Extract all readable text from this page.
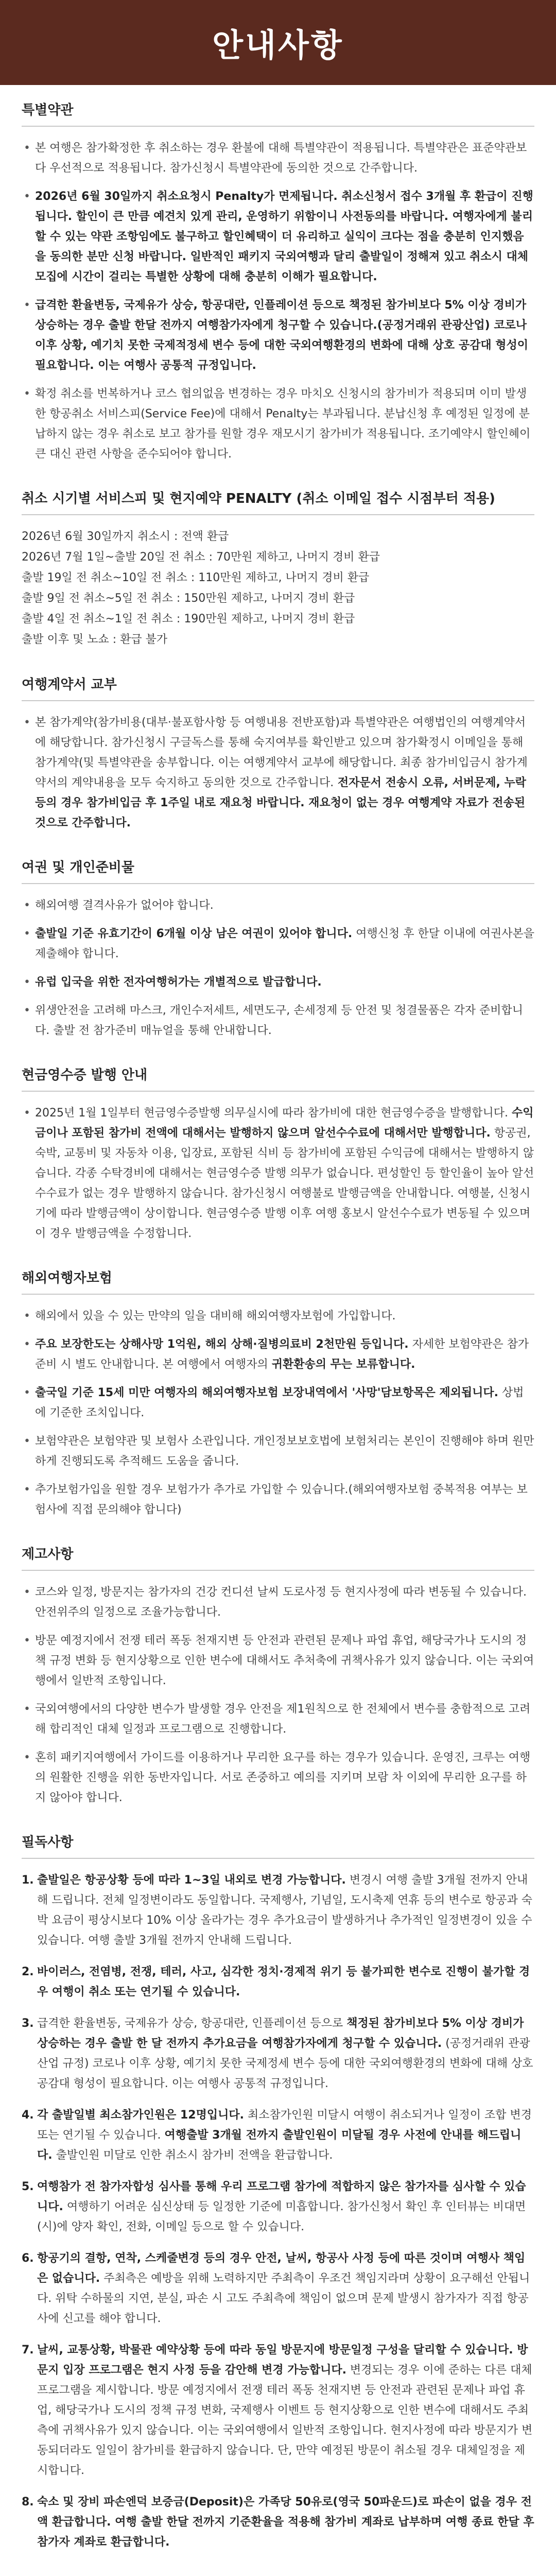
안내사항
특별약관
• 본 여행은 참가확정한 후 취소하는 경우 환불에 대해 특별약관이 적용됩니다. 특별약관은 표준약관보다 우선적으로 적용됩니다. 참가신청시 특별약관에 동의한 것으로 간주합니다.
• 2026년 6월 30일까지 취소요청시 Penalty가 면제됩니다. 취소신청서 접수 3개월 후 환급이 진행됩니다. 할인이 큰 만큼 예견치 있게 관리, 운영하기 위함이니 사전동의를 바랍니다. 여행자에게 불리할 수 있는 약관 조항임에도 불구하고 할인혜택이 더 유리하고 실익이 크다는 점을 충분히 인지했음을 동의한 분만 신청 바랍니다. 일반적인 패키지 국외여행과 달리 출발일이 정해져 있고 취소시 대체모집에 시간이 걸리는 특별한 상황에 대해 충분히 이해가 필요합니다.
• 급격한 환율변동, 국제유가 상승, 항공대란, 인플레이션 등으로 책정된 참가비보다 5% 이상 경비가 상승하는 경우 출발 한달 전까지 여행참가자에게 청구할 수 있습니다.(공정거래위 관광산업) 코로나 이후 상황, 예기치 못한 국제적정세 변수 등에 대한 국외여행환경의 변화에 대해 상호 공감대 형성이 필요합니다. 이는 여행사 공통적 규정입니다.
• 확정 취소를 번복하거나 코스 협의없음 변경하는 경우 마치오 신청시의 참가비가 적용되며 이미 발생한 항공취소 서비스피(Service Fee)에 대해서 Penalty는 부과됩니다. 분납신청 후 예정된 일정에 분납하지 않는 경우 취소로 보고 참가를 원할 경우 재모시기 참가비가 적용됩니다. 조기예약시 할인혜이 큰 대신 관련 사항을 준수되어야 합니다.
취소 시기별 서비스피 및 현지예약 PENALTY (취소 이메일 접수 시점부터 적용)

2026년 6월 30일까지 취소시 : 전액 환급

2026년 7월 1일~출발 20일 전 취소 : 70만원 제하고, 나머지 경비 환급

출발 19일 전 취소~10일 전 취소 : 110만원 제하고, 나머지 경비 환급

출발 9일 전 취소~5일 전 취소 : 150만원 제하고, 나머지 경비 환급

출발 4일 전 취소~1일 전 취소 : 190만원 제하고, 나머지 경비 환급

출발 이후 및 노쇼 : 환급 불가

여행계약서 교부
• 본 참가계약(참가비용(대부·불포함사항 등 여행내용 전반포함)과 특별약관은 여행법인의 여행계약서에 해당합니다. 참가신청시 구글독스를 통해 숙지여부를 확인받고 있으며 참가확정시 이메일을 통해 참가계약(및 특별약관을 송부합니다. 이는 여행계약서 교부에 해당합니다. 최종 참가비입금시 참가계약서의 계약내용을 모두 숙지하고 동의한 것으로 간주합니다. 전자문서 전송시 오류, 서버문제, 누락 등의 경우 참가비입금 후 1주일 내로 재요청 바랍니다. 재요청이 없는 경우 여행계약 자료가 전송된 것으로 간주합니다.
여권 및 개인준비물
• 해외여행 결격사유가 없어야 합니다.
• 출발일 기준 유효기간이 6개월 이상 남은 여권이 있어야 합니다. 여행신청 후 한달 이내에 여권사본을 제출해야 합니다.
• 유럽 입국을 위한 전자여행허가는 개별적으로 발급합니다.
• 위생안전을 고려해 마스크, 개인수저세트, 세면도구, 손세정제 등 안전 및 청결물품은 각자 준비합니다. 출발 전 참가준비 매뉴얼을 통해 안내합니다.
현금영수증 발행 안내
• 2025년 1월 1일부터 현금영수증발행 의무실시에 따라 참가비에 대한 현금영수증을 발행합니다. 수익금이나 포함된 참가비 전액에 대해서는 발행하지 않으며 알선수수료에 대해서만 발행합니다. 항공권, 숙박, 교통비 및 자동차 이용, 입장료, 포함된 식비 등 참가비에 포함된 수익금에 대해서는 발행하지 않습니다. 각종 수탁경비에 대해서는 현금영수증 발행 의무가 없습니다. 편성할인 등 할인율이 높아 알선수수료가 없는 경우 발행하지 않습니다. 참가신청시 여행불로 발행금액을 안내합니다. 여행불, 신청시기에 따라 발행금액이 상이합니다. 현금영수증 발행 이후 여행 홍보시 알선수수료가 변동될 수 있으며 이 경우 발행금액을 수정합니다.
해외여행자보험
• 해외에서 있을 수 있는 만약의 일을 대비해 해외여행자보험에 가입합니다.
• 주요 보장한도는 상해사망 1억원, 해외 상해·질병의료비 2천만원 등입니다. 자세한 보험약관은 참가준비 시 별도 안내합니다. 본 여행에서 여행자의 귀환환송의 무는 보류합니다.
• 출국일 기준 15세 미만 여행자의 해외여행자보험 보장내역에서 '사망'담보항목은 제외됩니다. 상법에 기준한 조치입니다.
• 보험약관은 보험약관 및 보험사 소관입니다. 개인정보보호법에 보험처리는 본인이 진행해야 하며 원만하게 진행되도록 추적해드 도움을 줍니다.
• 추가보험가입을 원할 경우 보험가가 추가로 가입할 수 있습니다.(해외여행자보험 중복적용 여부는 보험사에 직접 문의해야 합니다)
제고사항
• 코스와 일정, 방문지는 참가자의 건강 컨디션 날씨 도로사정 등 현지사정에 따라 변동될 수 있습니다. 안전위주의 일정으로 조율가능합니다.
• 방문 예정지에서 전쟁 테러 폭동 천재지변 등 안전과 관련된 문제나 파업 휴업, 해당국가나 도시의 정책 규정 변화 등 현지상황으로 인한 변수에 대해서도 추처축에 귀책사유가 있지 않습니다. 이는 국외여행에서 일반적 조항입니다.
• 국외여행에서의 다양한 변수가 발생할 경우 안전을 제1원칙으로 한 전체에서 변수를 충함적으로 고려해 합리적인 대체 일정과 프로그램으로 진행합니다.
• 혼히 패키지여행에서 가이드를 이용하거나 무리한 요구를 하는 경우가 있습니다. 운영진, 크루는 여행의 원활한 진행을 위한 동반자입니다. 서로 존중하고 예의를 지키며 보람 차 이외에 무리한 요구를 하지 않아야 합니다.
필독사항
1. 출발일은 항공상황 등에 따라 1~3일 내외로 변경 가능합니다. 변경시 여행 출발 3개월 전까지 안내해 드립니다. 전체 일정변이라도 동일합니다. 국제행사, 기념일, 도시축제 연휴 등의 변수로 항공과 숙박 요금이 평상시보다 10% 이상 올라가는 경우 추가요금이 발생하거나 추가적인 일정변경이 있을 수 있습니다. 여행 출발 3개월 전까지 안내해 드립니다.
2. 바이러스, 전염병, 전쟁, 테러, 사고, 심각한 정치·경제적 위기 등 불가피한 변수로 진행이 불가할 경우 여행이 취소 또는 연기될 수 있습니다.
3. 급격한 환율변동, 국제유가 상승, 항공대란, 인플레이션 등으로 책정된 참가비보다 5% 이상 경비가 상승하는 경우 출발 한 달 전까지 추가요금을 여행참가자에게 청구할 수 있습니다. (공정거래위 관광산업 규정) 코로나 이후 상황, 예기치 못한 국제정세 변수 등에 대한 국외여행환경의 변화에 대해 상호 공감대 형성이 필요합니다. 이는 여행사 공통적 규정입니다.
4. 각 출발일별 최소참가인원은 12명입니다. 최소참가인원 미달시 여행이 취소되거나 일정이 조합 변경 또는 연기될 수 있습니다. 여행출발 3개월 전까지 출발인원이 미달될 경우 사전에 안내를 해드립니다. 출발인원 미달로 인한 취소시 참가비 전액을 환급합니다.
5. 여행참가 전 참가자합성 심사를 통해 우리 프로그램 참가에 적합하지 않은 참가자를 심사할 수 있습니다. 여행하기 어려운 심신상태 등 일정한 기준에 미흡합니다. 참가신청서 확인 후 인터뷰는 비대면(시)에 양자 확인, 전화, 이메일 등으로 할 수 있습니다.
6. 항공기의 결항, 연착, 스케줄변경 등의 경우 안전, 날씨, 항공사 사정 등에 따른 것이며 여행사 책임은 없습니다. 주최측은 예방을 위해 노력하지만 주최측이 우조건 책임지라며 상황이 요구해선 안됩니다. 위탁 수하물의 지연, 분실, 파손 시 고도 주최측에 책임이 없으며 문제 발생시 참가자가 직접 항공사에 신고를 해야 합니다.
7. 날씨, 교통상황, 박물관 예약상황 등에 따라 동일 방문지에 방문일정 구성을 달리할 수 있습니다. 방문지 입장 프로그램은 현지 사정 등을 감안해 변경 가능합니다. 변경되는 경우 이에 준하는 다른 대체 프로그램을 제시합니다. 방문 예정지에서 전쟁 테러 폭동 천재지변 등 안전과 관련된 문제나 파업 휴업, 해당국가나 도시의 정책 규정 변화, 국제행사 이벤트 등 현지상황으로 인한 변수에 대해서도 주최측에 귀책사유가 있지 않습니다. 이는 국외여행에서 일반적 조항입니다. 현지사정에 따라 방문지가 변동되더라도 일일이 참가비를 환급하지 않습니다. 단, 만약 예정된 방문이 취소될 경우 대체일정을 제시합니다.
8. 숙소 및 장비 파손엔덕 보증금(Deposit)은 가족당 50유로(영국 50파운드)로 파손이 없을 경우 전액 환급합니다. 여행 출발 한달 전까지 기준환율을 적용해 참가비 계좌로 납부하며 여행 종료 한달 후 참가자 계좌로 환급합니다.
